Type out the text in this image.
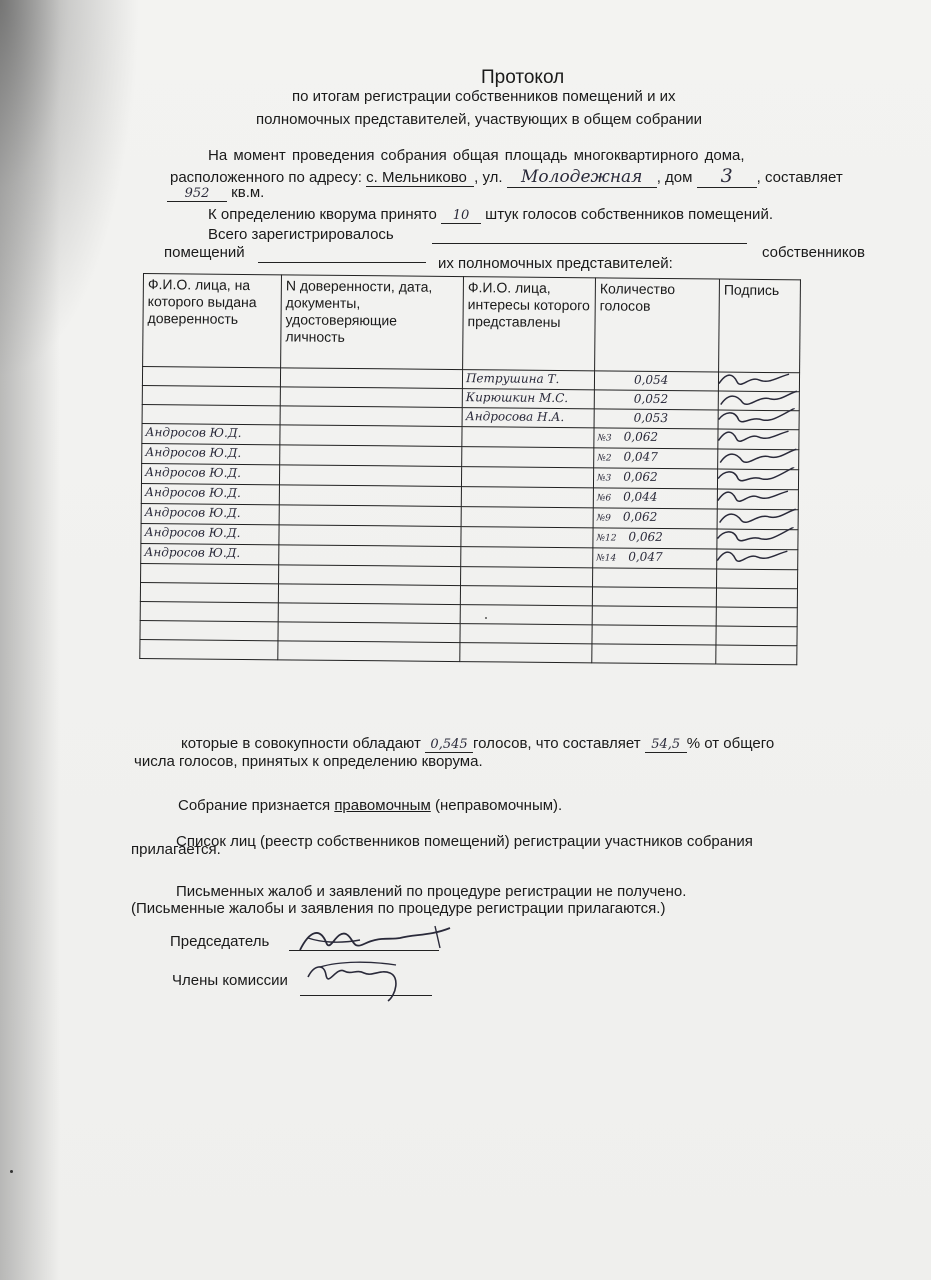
Протокол
по итогам регистрации собственников помещений и их
полномочных представителей, участвующих в общем собрании
На момент проведения собрания общая площадь многоквартирного дома,
расположенного по адресу: с. Мельниково , ул. Молодежная , дом 3 , составляет
952 кв.м.
К определению кворума принято 10 штук голосов собственников помещений.
Всего зарегистрировалось
собственников
помещений
их полномочных представителей:
Ф.И.О. лица, на которого выдана доверенность	N доверенности, дата, документы, удостоверяющие личность	Ф.И.О. лица, интересы которого представлены	Количество голосов	Подпись
		Петрушина Т.	0,054	

		Кирюшкин М.С.	0,052	

		Андросова Н.А.	0,053	

Андросов Ю.Д.			№3 0,062	

Андросов Ю.Д.			№2 0,047	

Андросов Ю.Д.			№3 0,062	

Андросов Ю.Д.			№6 0,044	

Андросов Ю.Д.			№9 0,062	

Андросов Ю.Д.			№12 0,062	

Андросов Ю.Д.			№14 0,047	

которые в совокупности обладают 0,545 голосов, что составляет 54,5 % от общего
числа голосов, принятых к определению кворума.
Собрание признается правомочным (неправомочным).
Список лиц (реестр собственников помещений) регистрации участников собрания
прилагается.
Письменных жалоб и заявлений по процедуре регистрации не получено.
(Письменные жалобы и заявления по процедуре регистрации прилагаются.)
Председатель
Члены комиссии
